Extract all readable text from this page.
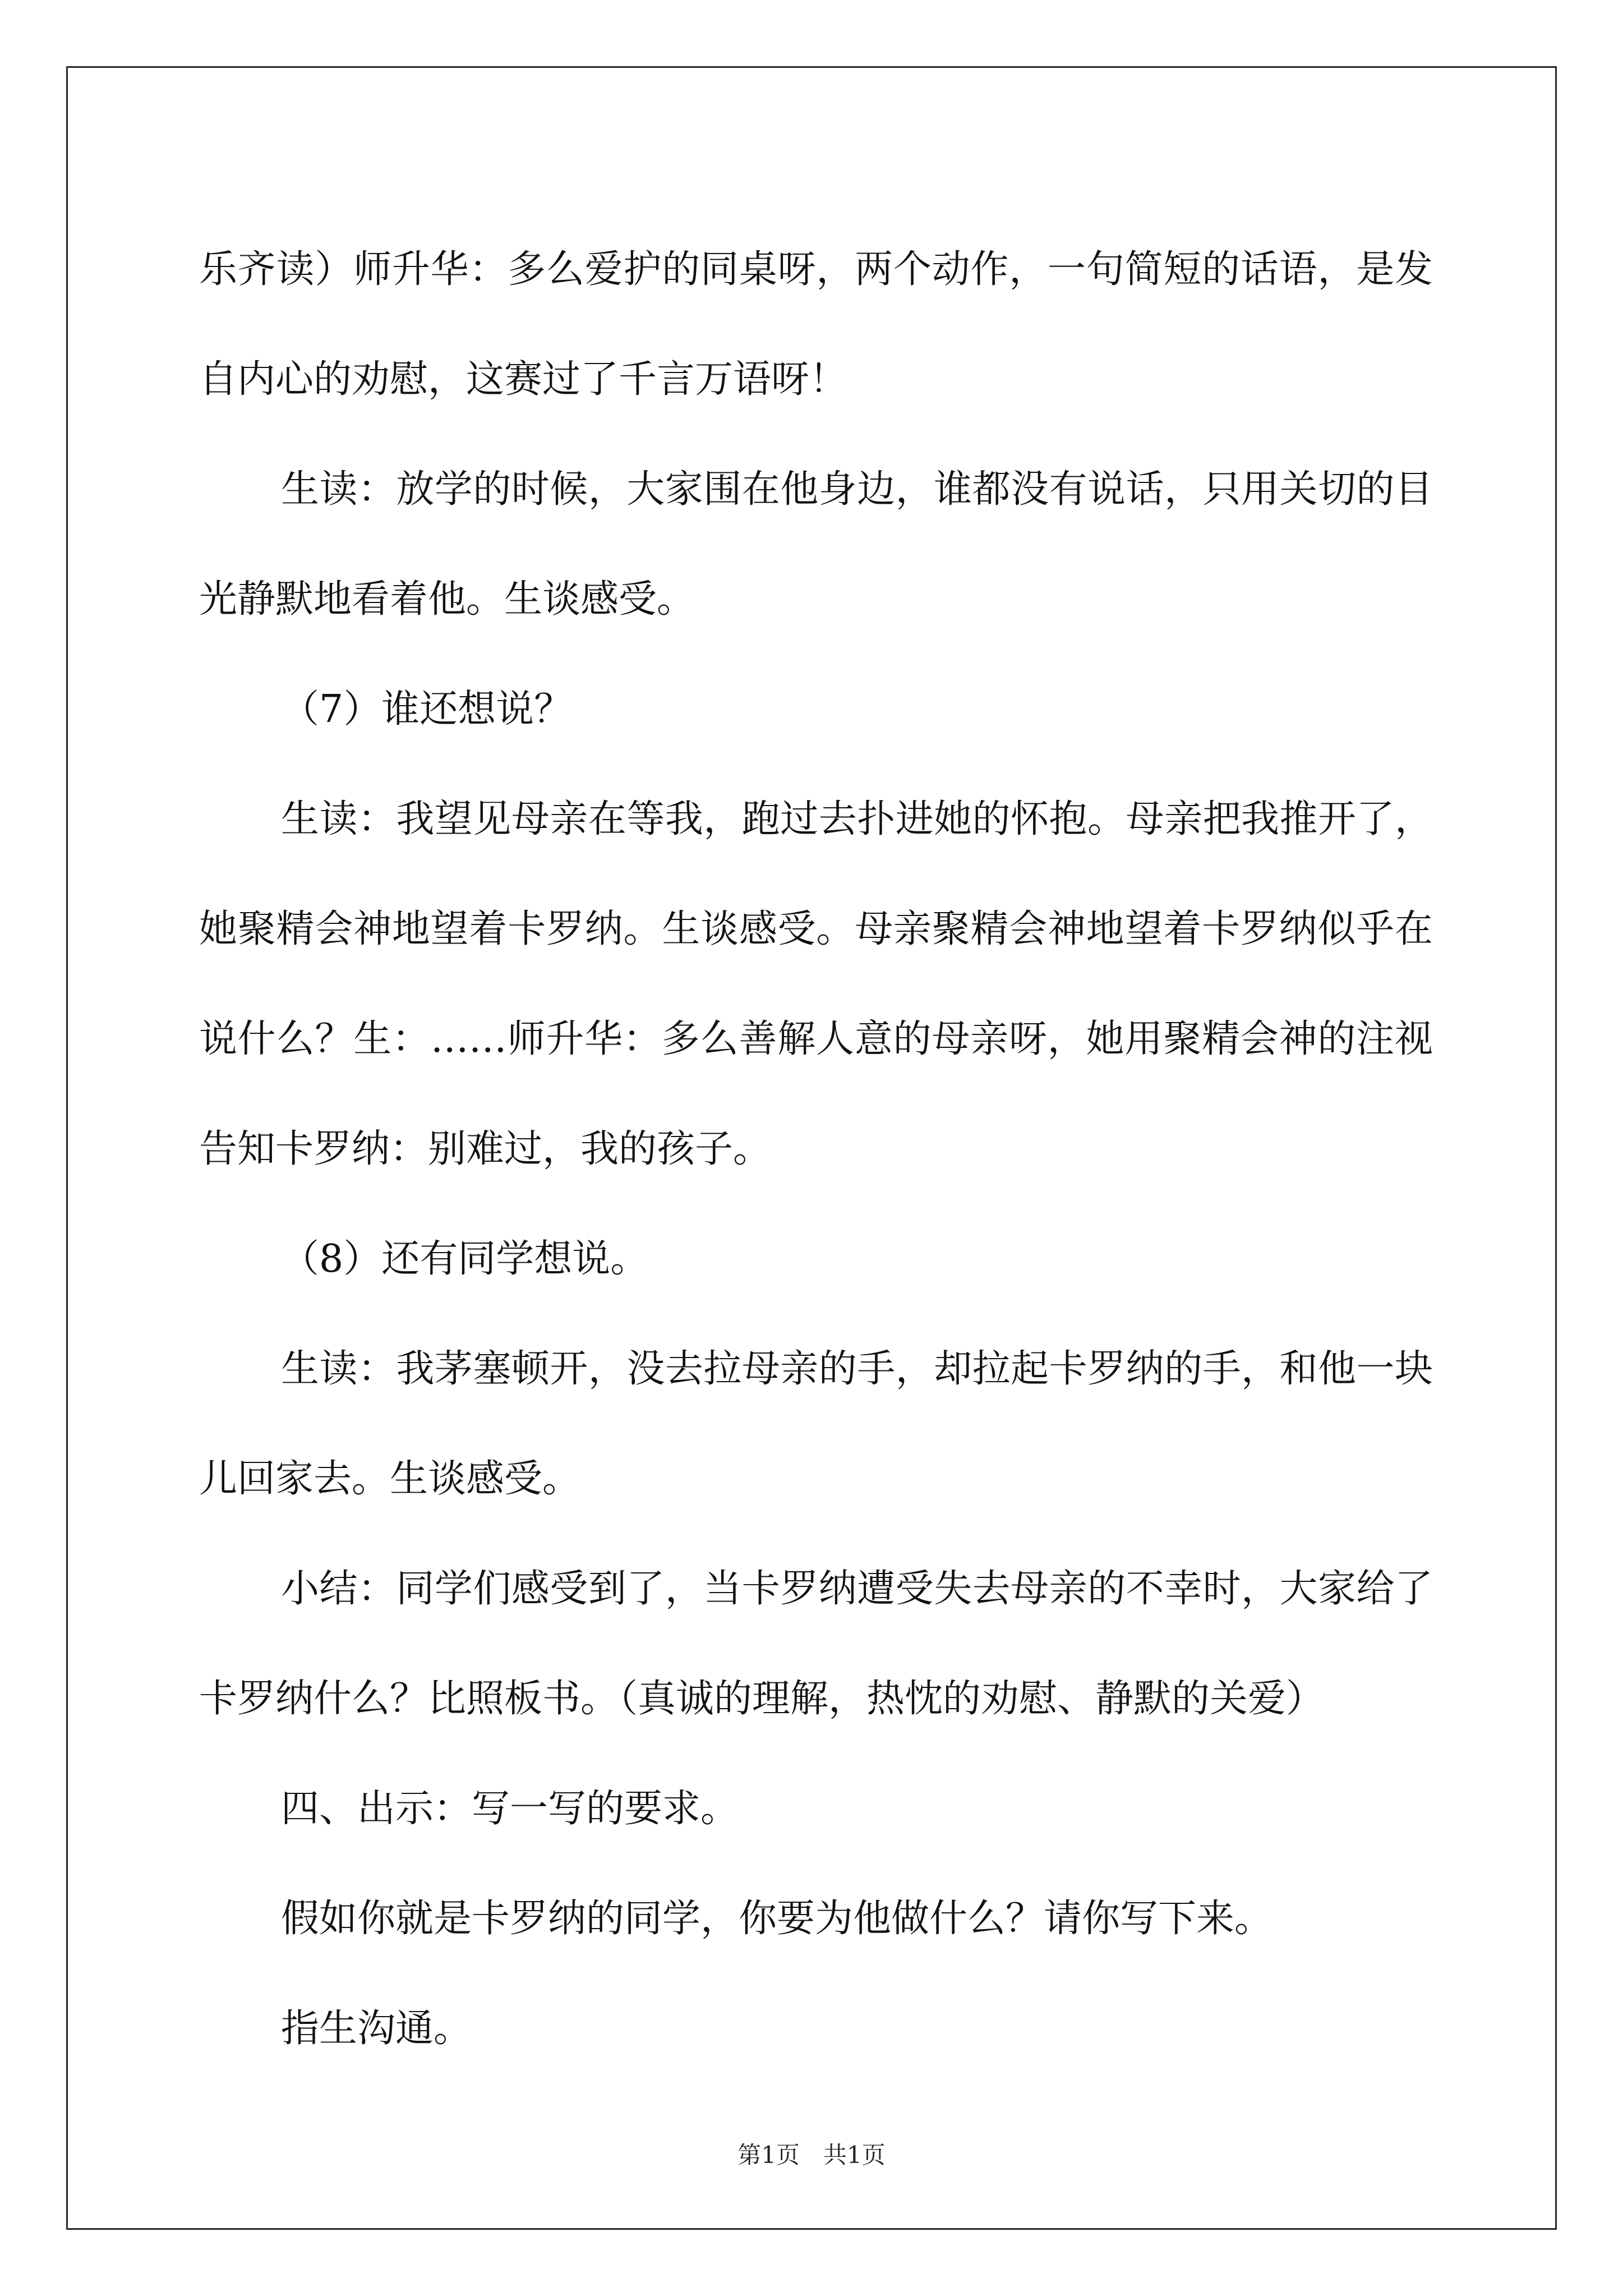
乐齐读）师升华：多么爱护的同桌呀，两个动作，一句简短的话语，是发自内心的劝慰，这赛过了千言万语呀！

生读：放学的时候，大家围在他身边，谁都没有说话，只用关切的目光静默地看着他。生谈感受。

（7）谁还想说？

生读：我望见母亲在等我，跑过去扑进她的怀抱。母亲把我推开了，她聚精会神地望着卡罗纳。生谈感受。母亲聚精会神地望着卡罗纳似乎在说什么？生：……师升华：多么善解人意的母亲呀，她用聚精会神的注视告知卡罗纳：别难过，我的孩子。

（8）还有同学想说。

生读：我茅塞顿开，没去拉母亲的手，却拉起卡罗纳的手，和他一块儿回家去。生谈感受。

小结：同学们感受到了，当卡罗纳遭受失去母亲的不幸时，大家给了卡罗纳什么？比照板书。（真诚的理解，热忱的劝慰、静默的关爱）

四、出示：写一写的要求。

假如你就是卡罗纳的同学，你要为他做什么？请你写下来。

指生沟通。

第1页　共1页
